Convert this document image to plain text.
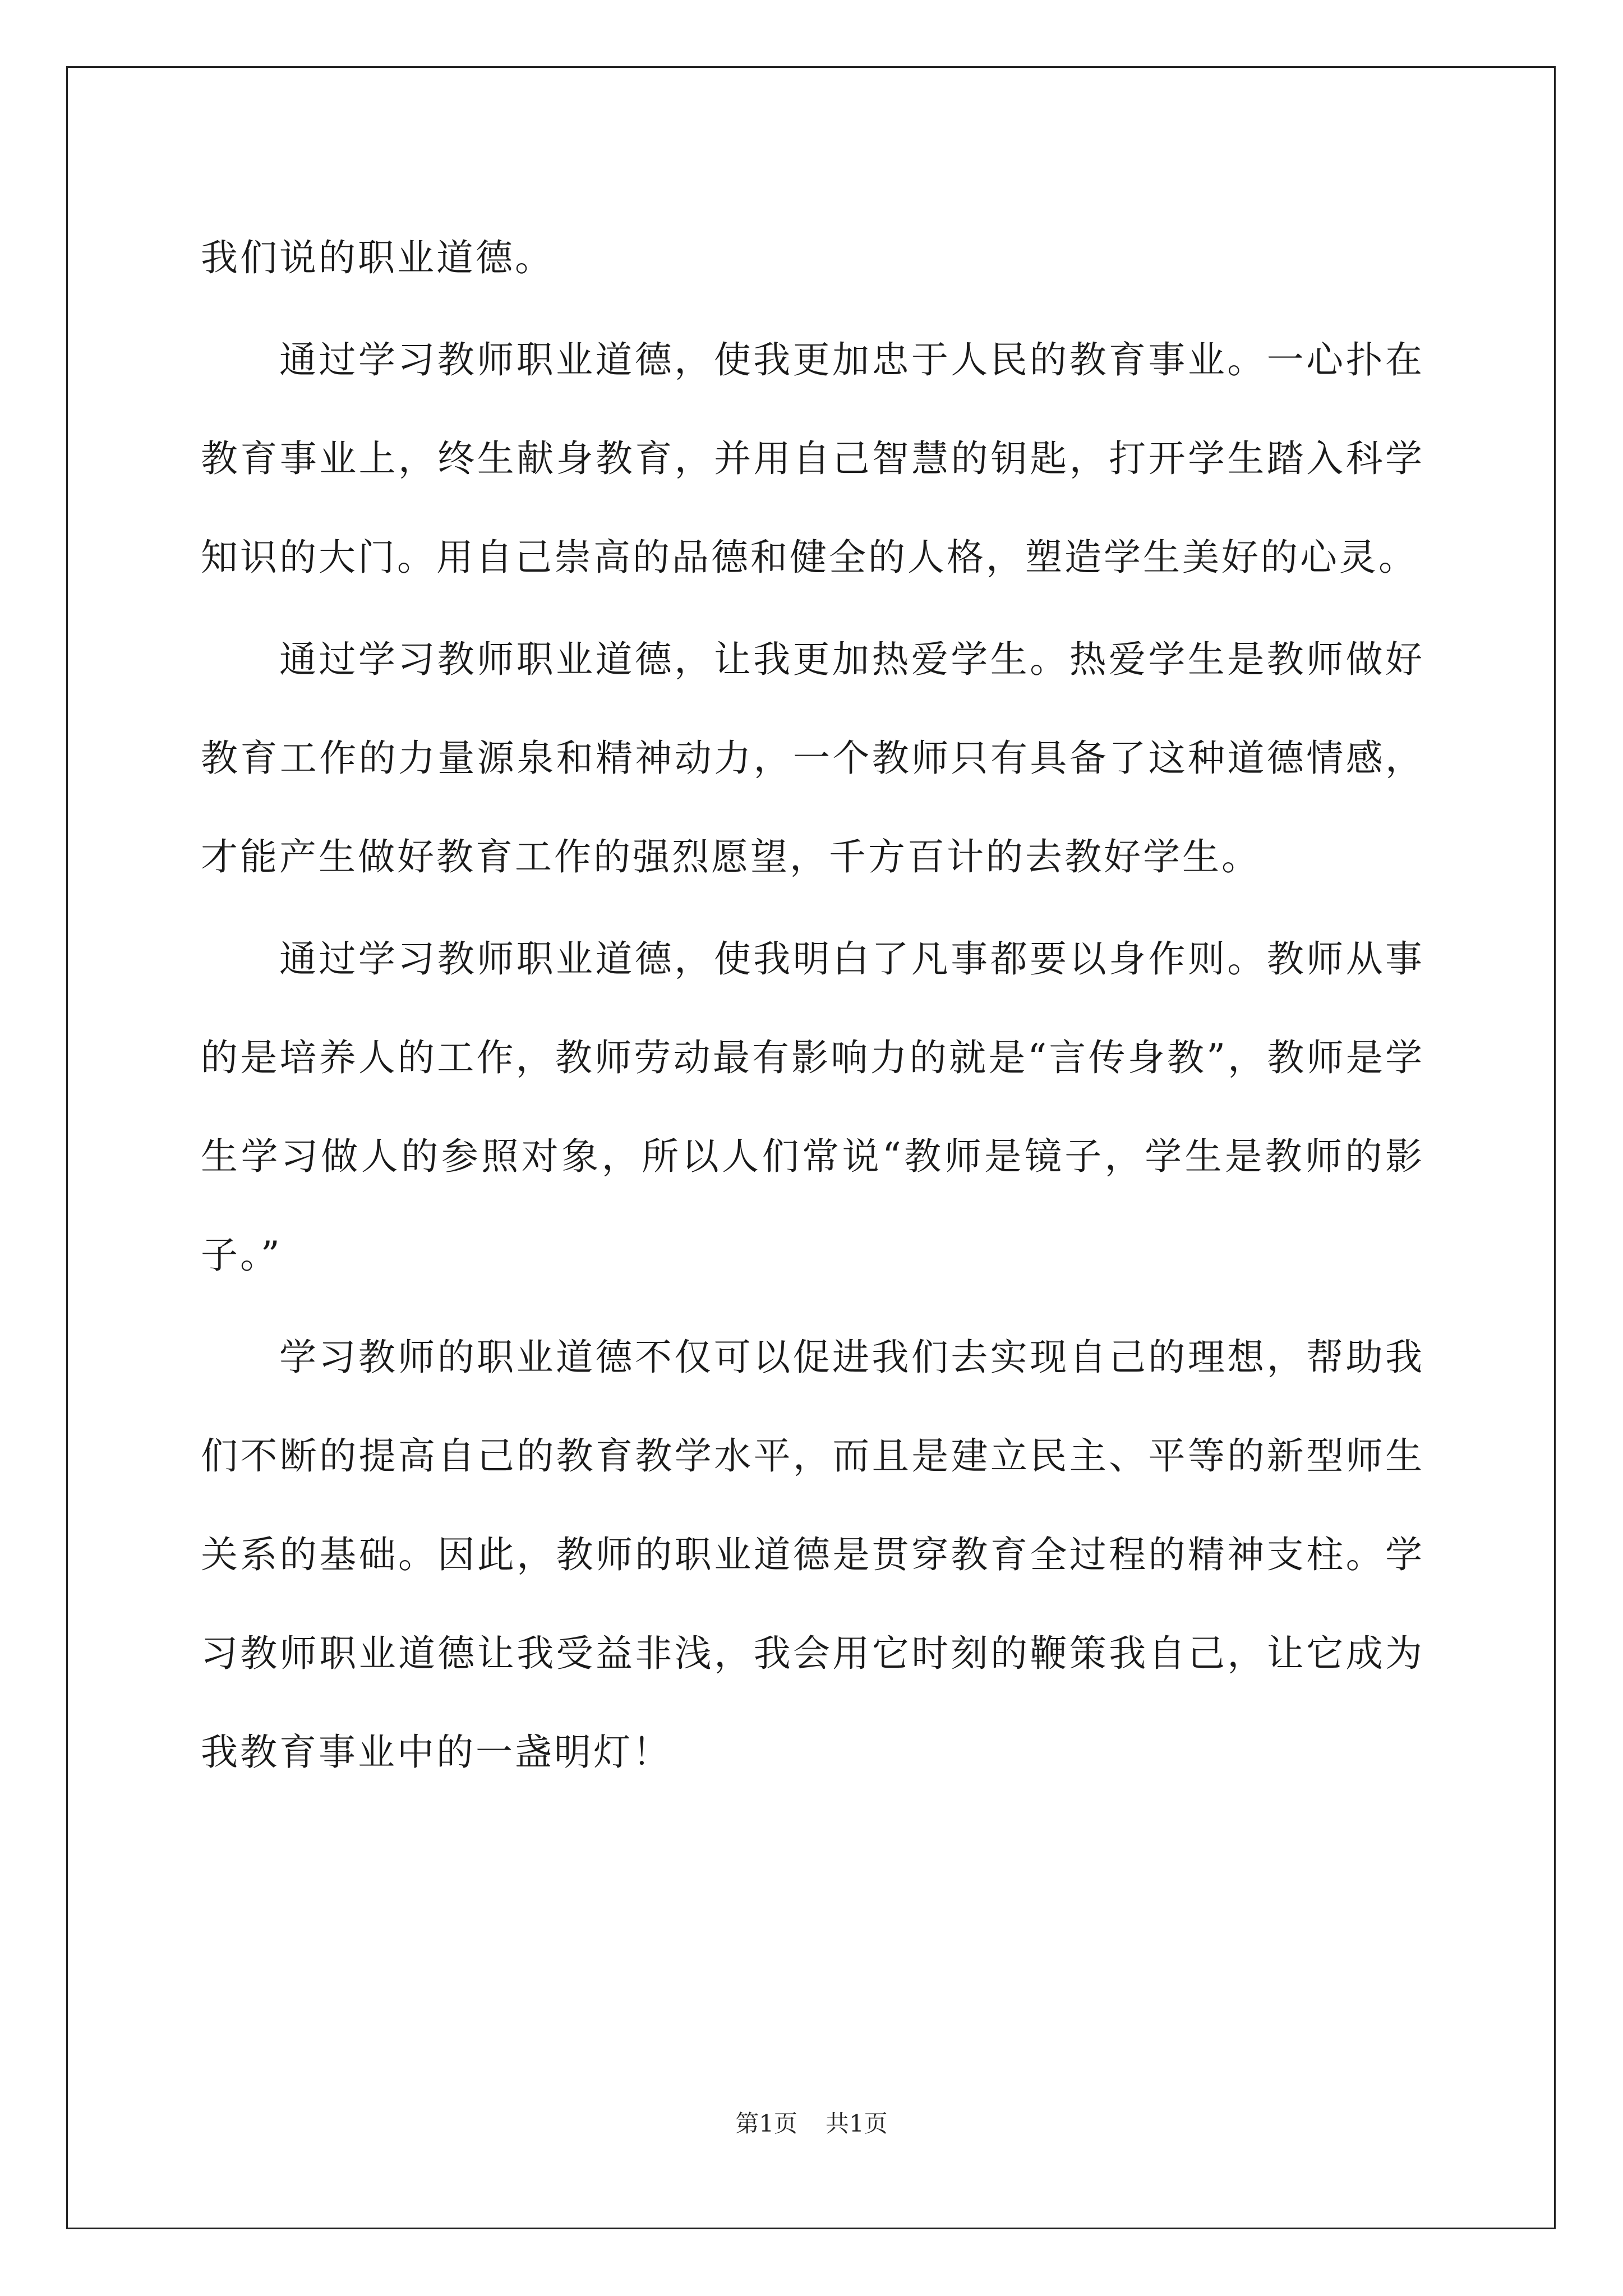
我们说的职业道德。

通过学习教师职业道德，使我更加忠于人民的教育事业。一心扑在教育事业上，终生献身教育，并用自己智慧的钥匙，打开学生踏入科学知识的大门。用自己崇高的品德和健全的人格，塑造学生美好的心灵。

通过学习教师职业道德，让我更加热爱学生。热爱学生是教师做好教育工作的力量源泉和精神动力，一个教师只有具备了这种道德情感，才能产生做好教育工作的强烈愿望，千方百计的去教好学生。

通过学习教师职业道德，使我明白了凡事都要以身作则。教师从事的是培养人的工作，教师劳动最有影响力的就是“言传身教”，教师是学生学习做人的参照对象，所以人们常说“教师是镜子，学生是教师的影子。”

学习教师的职业道德不仅可以促进我们去实现自己的理想，帮助我们不断的提高自己的教育教学水平，而且是建立民主、平等的新型师生关系的基础。因此，教师的职业道德是贯穿教育全过程的精神支柱。学习教师职业道德让我受益非浅，我会用它时刻的鞭策我自己，让它成为我教育事业中的一盏明灯！

第1页 共1页
